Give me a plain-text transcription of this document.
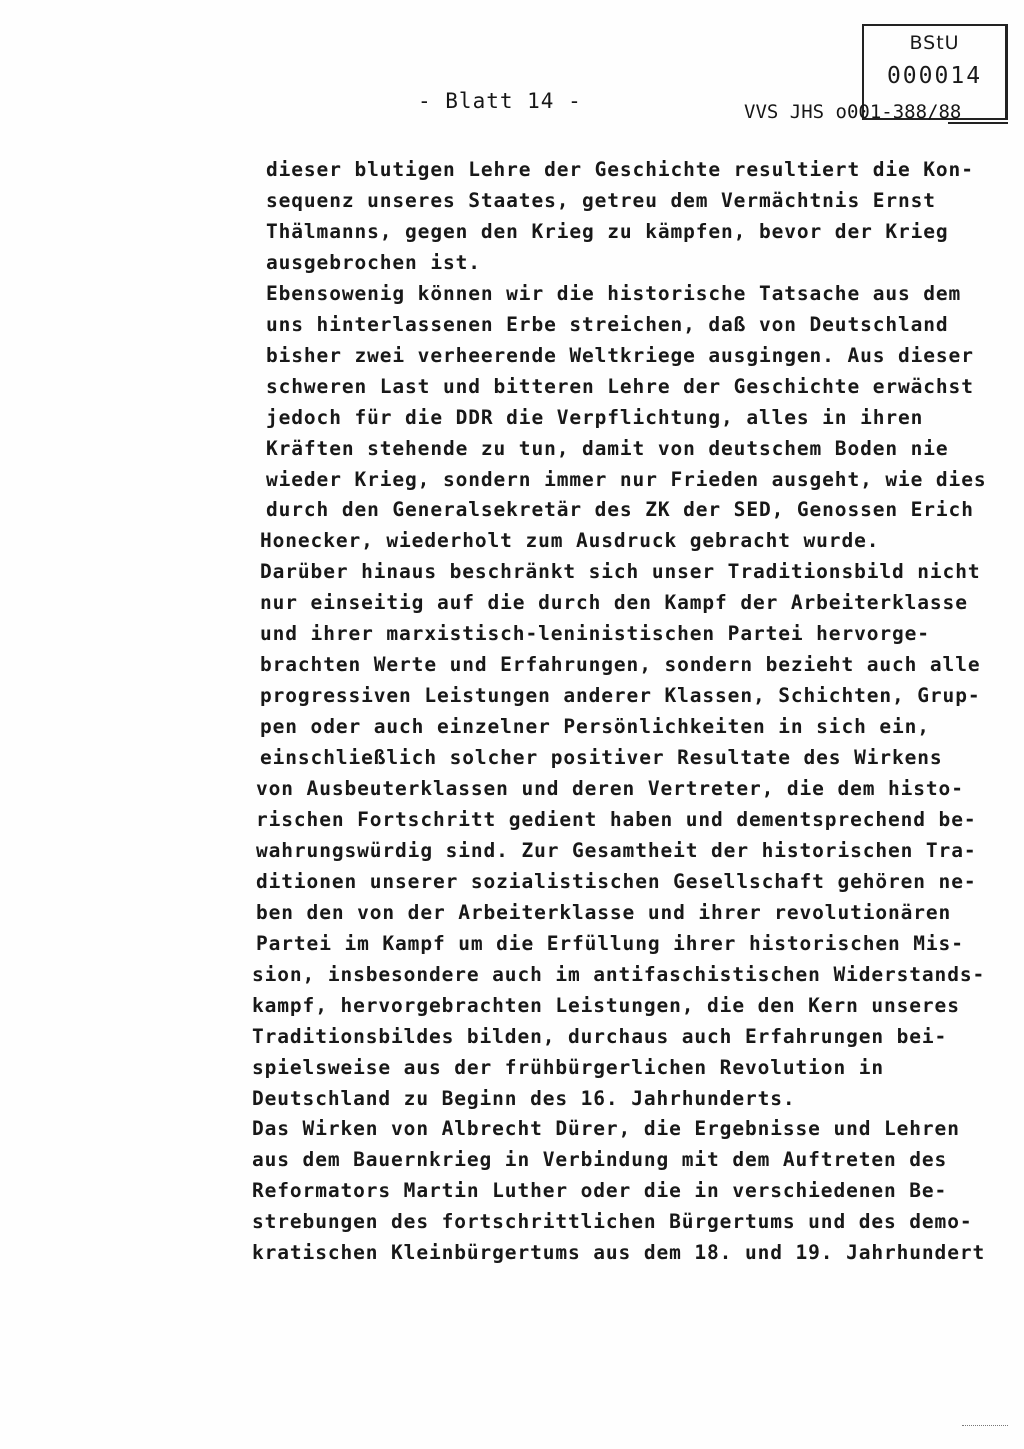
BStU
000014
- Blatt 14 -	VVS JHS o001-388/88
dieser blutigen Lehre der Geschichte resultiert die Kon-
sequenz unseres Staates, getreu dem Vermächtnis Ernst
Thälmanns, gegen den Krieg zu kämpfen, bevor der Krieg
ausgebrochen ist.
Ebensowenig können wir die historische Tatsache aus dem
uns hinterlassenen Erbe streichen, daß von Deutschland
bisher zwei verheerende Weltkriege ausgingen. Aus dieser
schweren Last und bitteren Lehre der Geschichte erwächst
jedoch für die DDR die Verpflichtung, alles in ihren
Kräften stehende zu tun, damit von deutschem Boden nie
wieder Krieg, sondern immer nur Frieden ausgeht, wie dies
durch den Generalsekretär des ZK der SED, Genossen Erich
Honecker, wiederholt zum Ausdruck gebracht wurde.
Darüber hinaus beschränkt sich unser Traditionsbild nicht
nur einseitig auf die durch den Kampf der Arbeiterklasse
und ihrer marxistisch-leninistischen Partei hervorge-
brachten Werte und Erfahrungen, sondern bezieht auch alle
progressiven Leistungen anderer Klassen, Schichten, Grup-
pen oder auch einzelner Persönlichkeiten in sich ein,
einschließlich solcher positiver Resultate des Wirkens
von Ausbeuterklassen und deren Vertreter, die dem histo-
rischen Fortschritt gedient haben und dementsprechend be-
wahrungswürdig sind. Zur Gesamtheit der historischen Tra-
ditionen unserer sozialistischen Gesellschaft gehören ne-
ben den von der Arbeiterklasse und ihrer revolutionären
Partei im Kampf um die Erfüllung ihrer historischen Mis-
sion, insbesondere auch im antifaschistischen Widerstands-
kampf, hervorgebrachten Leistungen, die den Kern unseres
Traditionsbildes bilden, durchaus auch Erfahrungen bei-
spielsweise aus der frühbürgerlichen Revolution in
Deutschland zu Beginn des 16. Jahrhunderts.
Das Wirken von Albrecht Dürer, die Ergebnisse und Lehren
aus dem Bauernkrieg in Verbindung mit dem Auftreten des
Reformators Martin Luther oder die in verschiedenen Be-
strebungen des fortschrittlichen Bürgertums und des demo-
kratischen Kleinbürgertums aus dem 18. und 19. Jahrhundert
